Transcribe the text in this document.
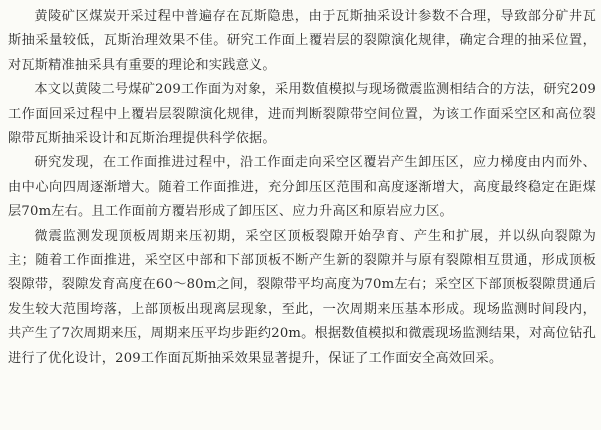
黄陵矿区煤炭开采过程中普遍存在瓦斯隐患，由于瓦斯抽采设计参数不合理，导致部分矿井瓦斯抽采量较低，瓦斯治理效果不佳。研究工作面上覆岩层的裂隙演化规律，确定合理的抽采位置，对瓦斯精准抽采具有重要的理论和实践意义。

本文以黄陵二号煤矿209工作面为对象，采用数值模拟与现场微震监测相结合的方法，研究209工作面回采过程中上覆岩层裂隙演化规律，进而判断裂隙带空间位置，为该工作面采空区和高位裂隙带瓦斯抽采设计和瓦斯治理提供科学依据。

研究发现，在工作面推进过程中，沿工作面走向采空区覆岩产生卸压区，应力梯度由内而外、由中心向四周逐渐增大。随着工作面推进，充分卸压区范围和高度逐渐增大，高度最终稳定在距煤层70m左右。且工作面前方覆岩形成了卸压区、应力升高区和原岩应力区。

微震监测发现顶板周期来压初期，采空区顶板裂隙开始孕育、产生和扩展，并以纵向裂隙为主；随着工作面推进，采空区中部和下部顶板不断产生新的裂隙并与原有裂隙相互贯通，形成顶板裂隙带，裂隙发育高度在60～80m之间，裂隙带平均高度为70m左右；采空区下部顶板裂隙贯通后发生较大范围垮落，上部顶板出现离层现象，至此，一次周期来压基本形成。现场监测时间段内，共产生了7次周期来压，周期来压平均步距约20m。根据数值模拟和微震现场监测结果，对高位钻孔进行了优化设计，209工作面瓦斯抽采效果显著提升，保证了工作面安全高效回采。
